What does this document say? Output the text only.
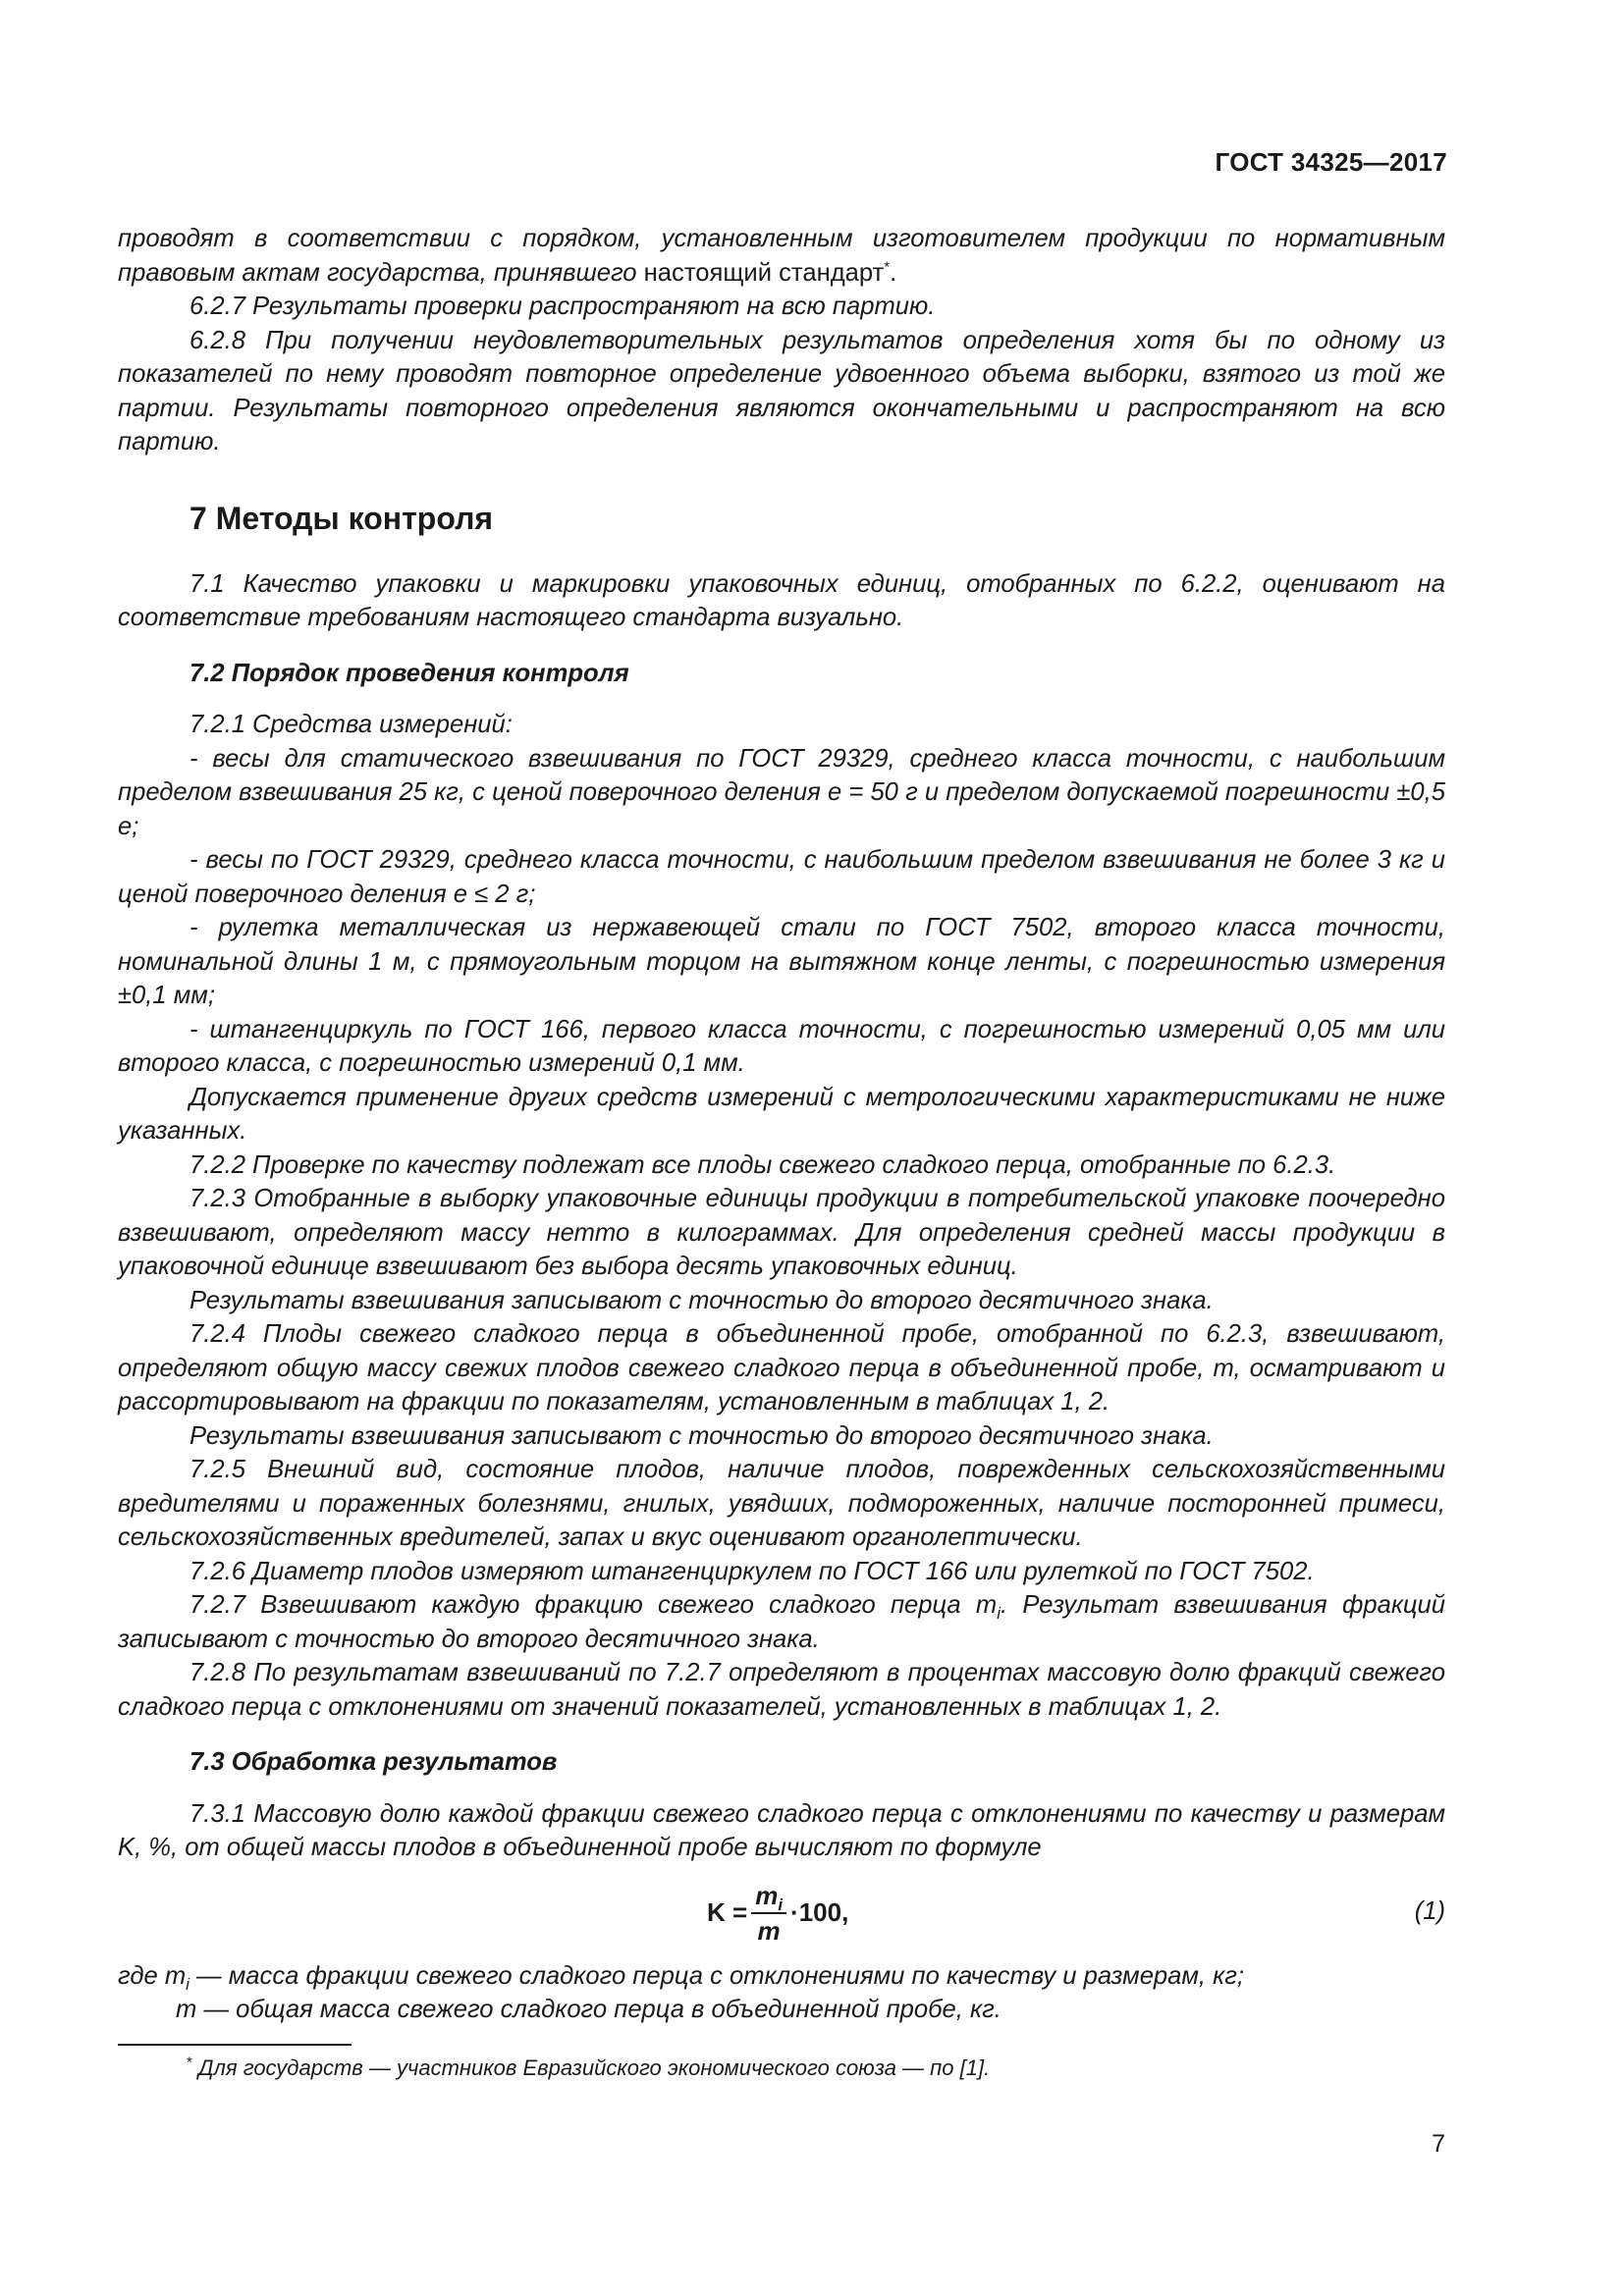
ГОСТ 34325—2017

проводят в соответствии с порядком, установленным изготовителем продукции по нормативным правовым актам государства, принявшего настоящий стандарт*.

6.2.7 Результаты проверки распространяют на всю партию.

6.2.8 При получении неудовлетворительных результатов определения хотя бы по одному из показателей по нему проводят повторное определение удвоенного объема выборки, взятого из той же партии. Результаты повторного определения являются окончательными и распространяют на всю партию.

7 Методы контроля

7.1 Качество упаковки и маркировки упаковочных единиц, отобранных по 6.2.2, оценивают на соответствие требованиям настоящего стандарта визуально.

7.2 Порядок проведения контроля

7.2.1 Средства измерений:

- весы для статического взвешивания по ГОСТ 29329, среднего класса точности, с наибольшим пределом взвешивания 25 кг, с ценой поверочного деления е = 50 г и пределом допускаемой погрешности ±0,5 е;

- весы по ГОСТ 29329, среднего класса точности, с наибольшим пределом взвешивания не более 3 кг и ценой поверочного деления е ≤ 2 г;

- рулетка металлическая из нержавеющей стали по ГОСТ 7502, второго класса точности, номинальной длины 1 м, с прямоугольным торцом на вытяжном конце ленты, с погрешностью измерения ±0,1 мм;

- штангенциркуль по ГОСТ 166, первого класса точности, с погрешностью измерений 0,05 мм или второго класса, с погрешностью измерений 0,1 мм.

Допускается применение других средств измерений с метрологическими характеристиками не ниже указанных.

7.2.2 Проверке по качеству подлежат все плоды свежего сладкого перца, отобранные по 6.2.3.

7.2.3 Отобранные в выборку упаковочные единицы продукции в потребительской упаковке поочередно взвешивают, определяют массу нетто в килограммах. Для определения средней массы продукции в упаковочной единице взвешивают без выбора десять упаковочных единиц.

Результаты взвешивания записывают с точностью до второго десятичного знака.

7.2.4 Плоды свежего сладкого перца в объединенной пробе, отобранной по 6.2.3, взвешивают, определяют общую массу свежих плодов свежего сладкого перца в объединенной пробе, т, осматривают и рассортировывают на фракции по показателям, установленным в таблицах 1, 2.

Результаты взвешивания записывают с точностью до второго десятичного знака.

7.2.5 Внешний вид, состояние плодов, наличие плодов, поврежденных сельскохозяйственными вредителями и пораженных болезнями, гнилых, увядших, подмороженных, наличие посторонней примеси, сельскохозяйственных вредителей, запах и вкус оценивают органолептически.

7.2.6 Диаметр плодов измеряют штангенциркулем по ГОСТ 166 или рулеткой по ГОСТ 7502.

7.2.7 Взвешивают каждую фракцию свежего сладкого перца $m_i$. Результат взвешивания фракций записывают с точностью до второго десятичного знака.

7.2.8 По результатам взвешиваний по 7.2.7 определяют в процентах массовую долю фракций свежего сладкого перца с отклонениями от значений показателей, установленных в таблицах 1, 2.

7.3 Обработка результатов

7.3.1 Массовую долю каждой фракции свежего сладкого перца с отклонениями по качеству и размерам K, %, от общей массы плодов в объединенной пробе вычисляют по формуле

$K = \frac{m_i}{m} \cdot 100$,	(1)

где $m_i$ — масса фракции свежего сладкого перца с отклонениями по качеству и размерам, кг;

m — общая масса свежего сладкого перца в объединенной пробе, кг.

* Для государств — участников Евразийского экономического союза — по [1].
7
